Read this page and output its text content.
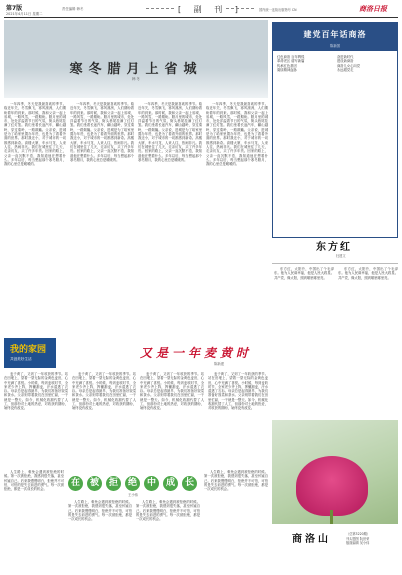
第7版
2021年4月11日 星期二
责任编辑 韩冬	[ 副 刊 ]	国内统一连续出版物号 CN	商洛日报
寒冬腊月上省城
韩 冬

一年四季，冬天是我最喜欢的季节。临近年关，冬雪飘飞，寒风凛冽，人们期盼着年的到来。那时候，我和父亲一起上省城，一路风雪，一路期盼。腊月里的城市，处处洋溢着节日的气氛，街头巷尾挂满了红灯笼。我们坐着长途汽车，翻山越岭，穿过秦岭，一路颠簸。父亲说，进城是为了给家里置办年货，也是为了看看外面的世界。那时我还小，对于城市的一切都感到新奇。高楼大厦，车水马龙，人来人往，热闹非凡。我们在城里住了几天，走亲访友，买了许多年货。回家的路上，父亲一直沉默不语，我知道他在想着什么。多年以后，每当想起那个寒冬腊月，我的心里总是暖暖的。

一年四季，冬天是我最喜欢的季节。临近年关，冬雪飘飞，寒风凛冽，人们期盼着年的到来。那时候，我和父亲一起上省城，一路风雪，一路期盼。腊月里的城市，处处洋溢着节日的气氛，街头巷尾挂满了红灯笼。我们坐着长途汽车，翻山越岭，穿过秦岭，一路颠簸。父亲说，进城是为了给家里置办年货，也是为了看看外面的世界。那时我还小，对于城市的一切都感到新奇。高楼大厦，车水马龙，人来人往，热闹非凡。我们在城里住了几天，走亲访友，买了许多年货。回家的路上，父亲一直沉默不语，我知道他在想着什么。多年以后，每当想起那个寒冬腊月，我的心里总是暖暖的。

一年四季，冬天是我最喜欢的季节。临近年关，冬雪飘飞，寒风凛冽，人们期盼着年的到来。那时候，我和父亲一起上省城，一路风雪，一路期盼。腊月里的城市，处处洋溢着节日的气氛，街头巷尾挂满了红灯笼。我们坐着长途汽车，翻山越岭，穿过秦岭，一路颠簸。父亲说，进城是为了给家里置办年货，也是为了看看外面的世界。那时我还小，对于城市的一切都感到新奇。高楼大厦，车水马龙，人来人往，热闹非凡。我们在城里住了几天，走亲访友，买了许多年货。回家的路上，父亲一直沉默不语，我知道他在想着什么。多年以后，每当想起那个寒冬腊月，我的心里总是暖暖的。

一年四季，冬天是我最喜欢的季节。临近年关，冬雪飘飞，寒风凛冽，人们期盼着年的到来。那时候，我和父亲一起上省城，一路风雪，一路期盼。腊月里的城市，处处洋溢着节日的气氛，街头巷尾挂满了红灯笼。我们坐着长途汽车，翻山越岭，穿过秦岭，一路颠簸。父亲说，进城是为了给家里置办年货，也是为了看看外面的世界。那时我还小，对于城市的一切都感到新奇。高楼大厦，车水马龙，人来人往，热闹非凡。我们在城里住了几天，走亲访友，买了许多年货。回家的路上，父亲一直沉默不语，我知道他在想着什么。多年以后，每当想起那个寒冬腊月，我的心里总是暖暖的。

我的家园
共创美好生活	又是一年麦黄时
陈新建

麦子黄了，又到了一年收获的季节。站在田埂上，望着一望无际的金黄色麦田，心中充满了喜悦。小时候，每到麦收时节，全家老少齐上阵，挥镰割麦，汗水湿透了衣衫。母亲总是起得最早，为我们准备好饭菜和茶水。父亲则带着我们在田里忙碌，一干就是一整天。如今，机械化收割代替了人工，但那份对土地的热爱，对收获的期盼，始终没有改变。

麦子黄了，又到了一年收获的季节。站在田埂上，望着一望无际的金黄色麦田，心中充满了喜悦。小时候，每到麦收时节，全家老少齐上阵，挥镰割麦，汗水湿透了衣衫。母亲总是起得最早，为我们准备好饭菜和茶水。父亲则带着我们在田里忙碌，一干就是一整天。如今，机械化收割代替了人工，但那份对土地的热爱，对收获的期盼，始终没有改变。

麦子黄了，又到了一年收获的季节。站在田埂上，望着一望无际的金黄色麦田，心中充满了喜悦。小时候，每到麦收时节，全家老少齐上阵，挥镰割麦，汗水湿透了衣衫。母亲总是起得最早，为我们准备好饭菜和茶水。父亲则带着我们在田里忙碌，一干就是一整天。如今，机械化收割代替了人工，但那份对土地的热爱，对收获的期盼，始终没有改变。

麦子黄了，又到了一年收获的季节。站在田埂上，望着一望无际的金黄色麦田，心中充满了喜悦。小时候，每到麦收时节，全家老少齐上阵，挥镰割麦，汗水湿透了衣衫。母亲总是起得最早，为我们准备好饭菜和茶水。父亲则带着我们在田里忙碌，一干就是一整天。如今，机械化收割代替了人工，但那份对土地的热爱，对收获的期盼，始终没有改变。

在 被 拒 绝 中 成 长
王小伟

人生路上，难免会遇到被拒绝的时候。第一次被拒绝，我感到很失落，甚至怀疑自己。后来我慢慢明白，拒绝并不可怕，可怕的是失去前进的勇气。每一次被拒绝，都是一次成长的机会。

人生路上，难免会遇到被拒绝的时候。第一次被拒绝，我感到很失落，甚至怀疑自己。后来我慢慢明白，拒绝并不可怕，可怕的是失去前进的勇气。每一次被拒绝，都是一次成长的机会。

人生路上，难免会遇到被拒绝的时候。第一次被拒绝，我感到很失落，甚至怀疑自己。后来我慢慢明白，拒绝并不可怕，可怕的是失去前进的勇气。每一次被拒绝，都是一次成长的机会。

人生路上，难免会遇到被拒绝的时候。第一次被拒绝，我感到很失落，甚至怀疑自己。后来我慢慢明白，拒绝并不可怕，可怕的是失去前进的勇气。每一次被拒绝，都是一次成长的机会。

建党百年话商洛
陈新国
红色商洛 百年辉煌
革命老区 谱写新篇
传承红色基因
赓续精神血脉
奋进新时代
建设新商洛
商洛儿女心向党
永远跟党走
东方红
杜建文

东方红，太阳升，中国出了个毛泽东。他为人民谋幸福，他是人民大救星。共产党，像太阳，照到哪里哪里亮。

东方红，太阳升，中国出了个毛泽东。他为人民谋幸福，他是人民大救星。共产党，像太阳，照到哪里哪里亮。

商洛山	（总第3220期）
刊头题图 阮世荣
版面编辑 吴小伟
